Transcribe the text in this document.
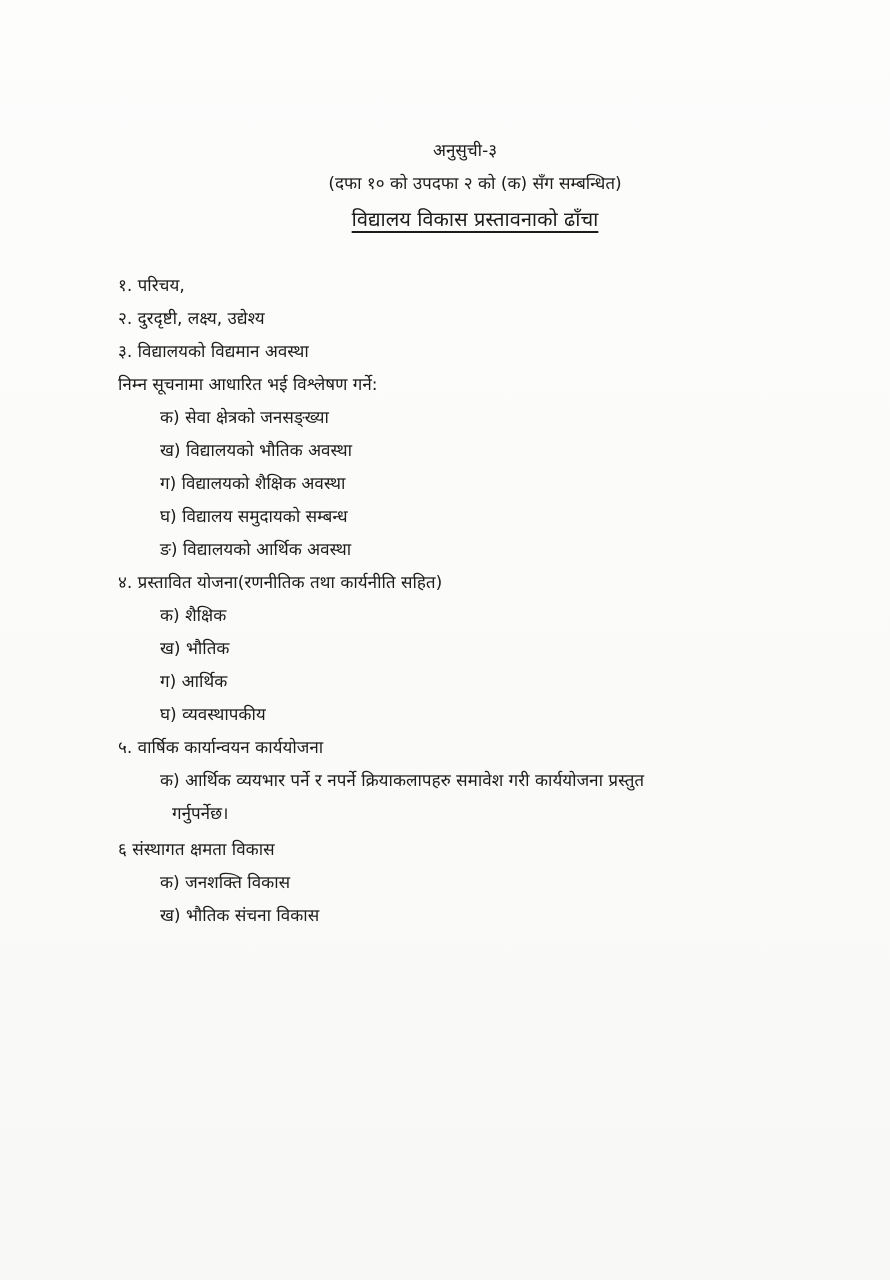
अनुसुची-३
(दफा १० को उपदफा २ को (क) सँग सम्बन्धित)
विद्यालय विकास प्रस्तावनाको ढाँचा
१. परिचय,
२. दुरदृष्टी, लक्ष्य, उद्येश्य
३. विद्यालयको विद्यमान अवस्था
निम्न सूचनामा आधारित भई विश्लेषण गर्ने:
क) सेवा क्षेत्रको जनसङ्ख्या
ख) विद्यालयको भौतिक अवस्था
ग) विद्यालयको शैक्षिक अवस्था
घ) विद्यालय समुदायको सम्बन्ध
ङ) विद्यालयको आर्थिक अवस्था
४. प्रस्तावित योजना(रणनीतिक तथा कार्यनीति सहित)
क) शैक्षिक
ख) भौतिक
ग) आर्थिक
घ) व्यवस्थापकीय
५. वार्षिक कार्यान्वयन कार्ययोजना
क) आर्थिक व्ययभार पर्ने र नपर्ने क्रियाकलापहरु समावेश गरी कार्ययोजना प्रस्तुत
गर्नुपर्नेछ।
६ संस्थागत क्षमता विकास
क) जनशक्ति विकास
ख) भौतिक संचना विकास
